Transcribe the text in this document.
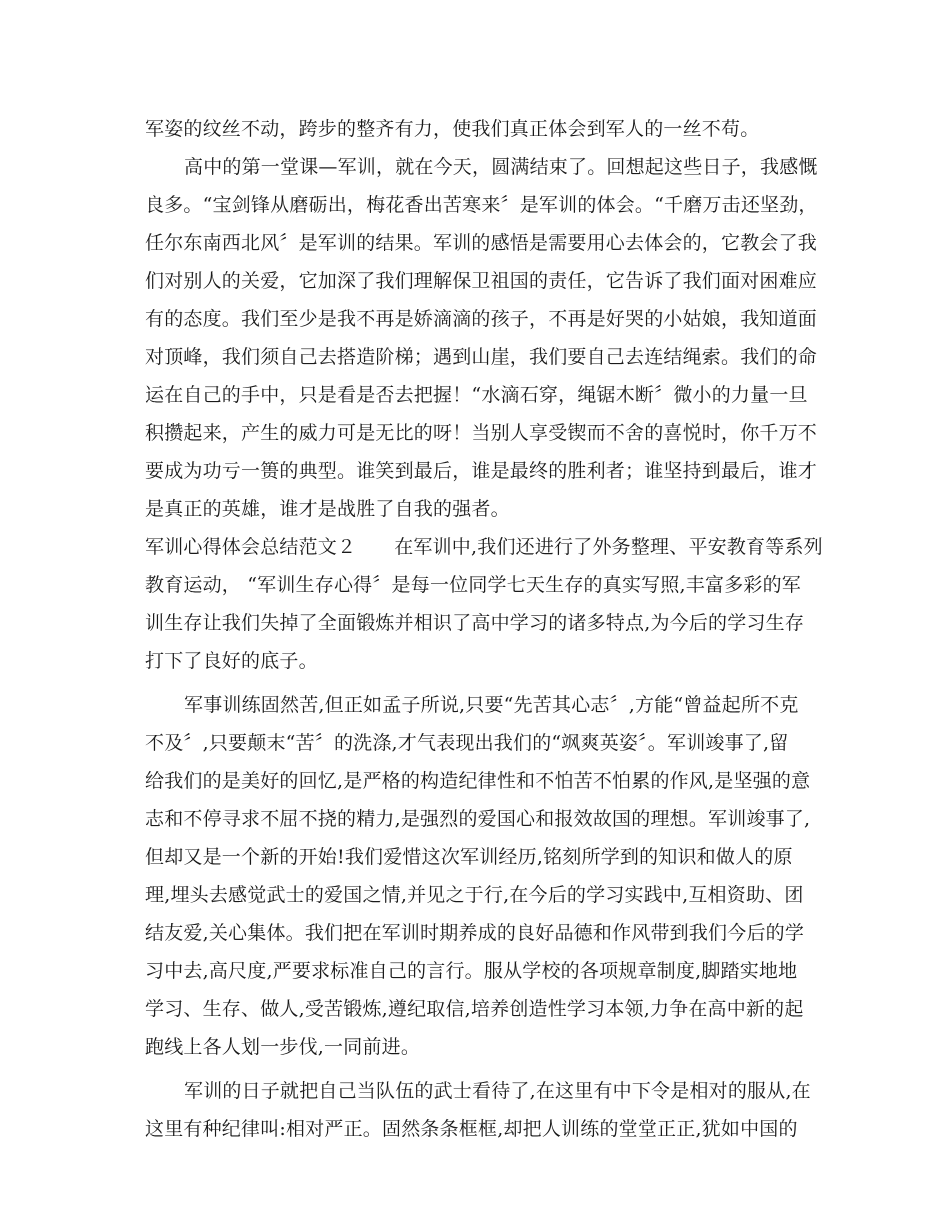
军姿的纹丝不动，跨步的整齐有力，使我们真正体会到军人的一丝不苟。
高中的第一堂课—军训，就在今天，圆满结束了。回想起这些日子，我感慨
良多。“宝剑锋从磨砺出，梅花香出苦寒来〞是军训的体会。“千磨万击还坚劲，
任尔东南西北风〞是军训的结果。军训的感悟是需要用心去体会的，它教会了我
们对别人的关爱，它加深了我们理解保卫祖国的责任，它告诉了我们面对困难应
有的态度。我们至少是我不再是娇滴滴的孩子，不再是好哭的小姑娘，我知道面
对顶峰，我们须自己去搭造阶梯；遇到山崖，我们要自己去连结绳索。我们的命
运在自己的手中，只是看是否去把握！“水滴石穿，绳锯木断〞微小的力量一旦
积攒起来，产生的威力可是无比的呀！当别人享受锲而不舍的喜悦时，你千万不
要成为功亏一篑的典型。谁笑到最后，谁是最终的胜利者；谁坚持到最后，谁才
是真正的英雄，谁才是战胜了自我的强者。
军训心得体会总结范文２ 在军训中,我们还进行了外务整理、平安教育等系列
教育运动， “军训生存心得〞是每一位同学七天生存的真实写照,丰富多彩的军
训生存让我们失掉了全面锻炼并相识了高中学习的诸多特点,为今后的学习生存
打下了良好的底子。
军事训练固然苦,但正如孟子所说,只要“先苦其心志〞,方能“曾益起所不克
不及〞,只要颠末“苦〞的洗涤,才气表现出我们的“飒爽英姿〞。军训竣事了,留
给我们的是美好的回忆,是严格的构造纪律性和不怕苦不怕累的作风,是坚强的意
志和不停寻求不屈不挠的精力,是强烈的爱国心和报效故国的理想。军训竣事了,
但却又是一个新的开始!我们爱惜这次军训经历,铭刻所学到的知识和做人的原
理,埋头去感觉武士的爱国之情,并见之于行,在今后的学习实践中,互相资助、团
结友爱,关心集体。我们把在军训时期养成的良好品德和作风带到我们今后的学
习中去,高尺度,严要求标准自己的言行。服从学校的各项规章制度,脚踏实地地
学习、生存、做人,受苦锻炼,遵纪取信,培养创造性学习本领,力争在高中新的起
跑线上各人划一步伐,一同前进。
军训的日子就把自己当队伍的武士看待了,在这里有中下令是相对的服从,在
这里有种纪律叫:相对严正。固然条条框框,却把人训练的堂堂正正,犹如中国的
